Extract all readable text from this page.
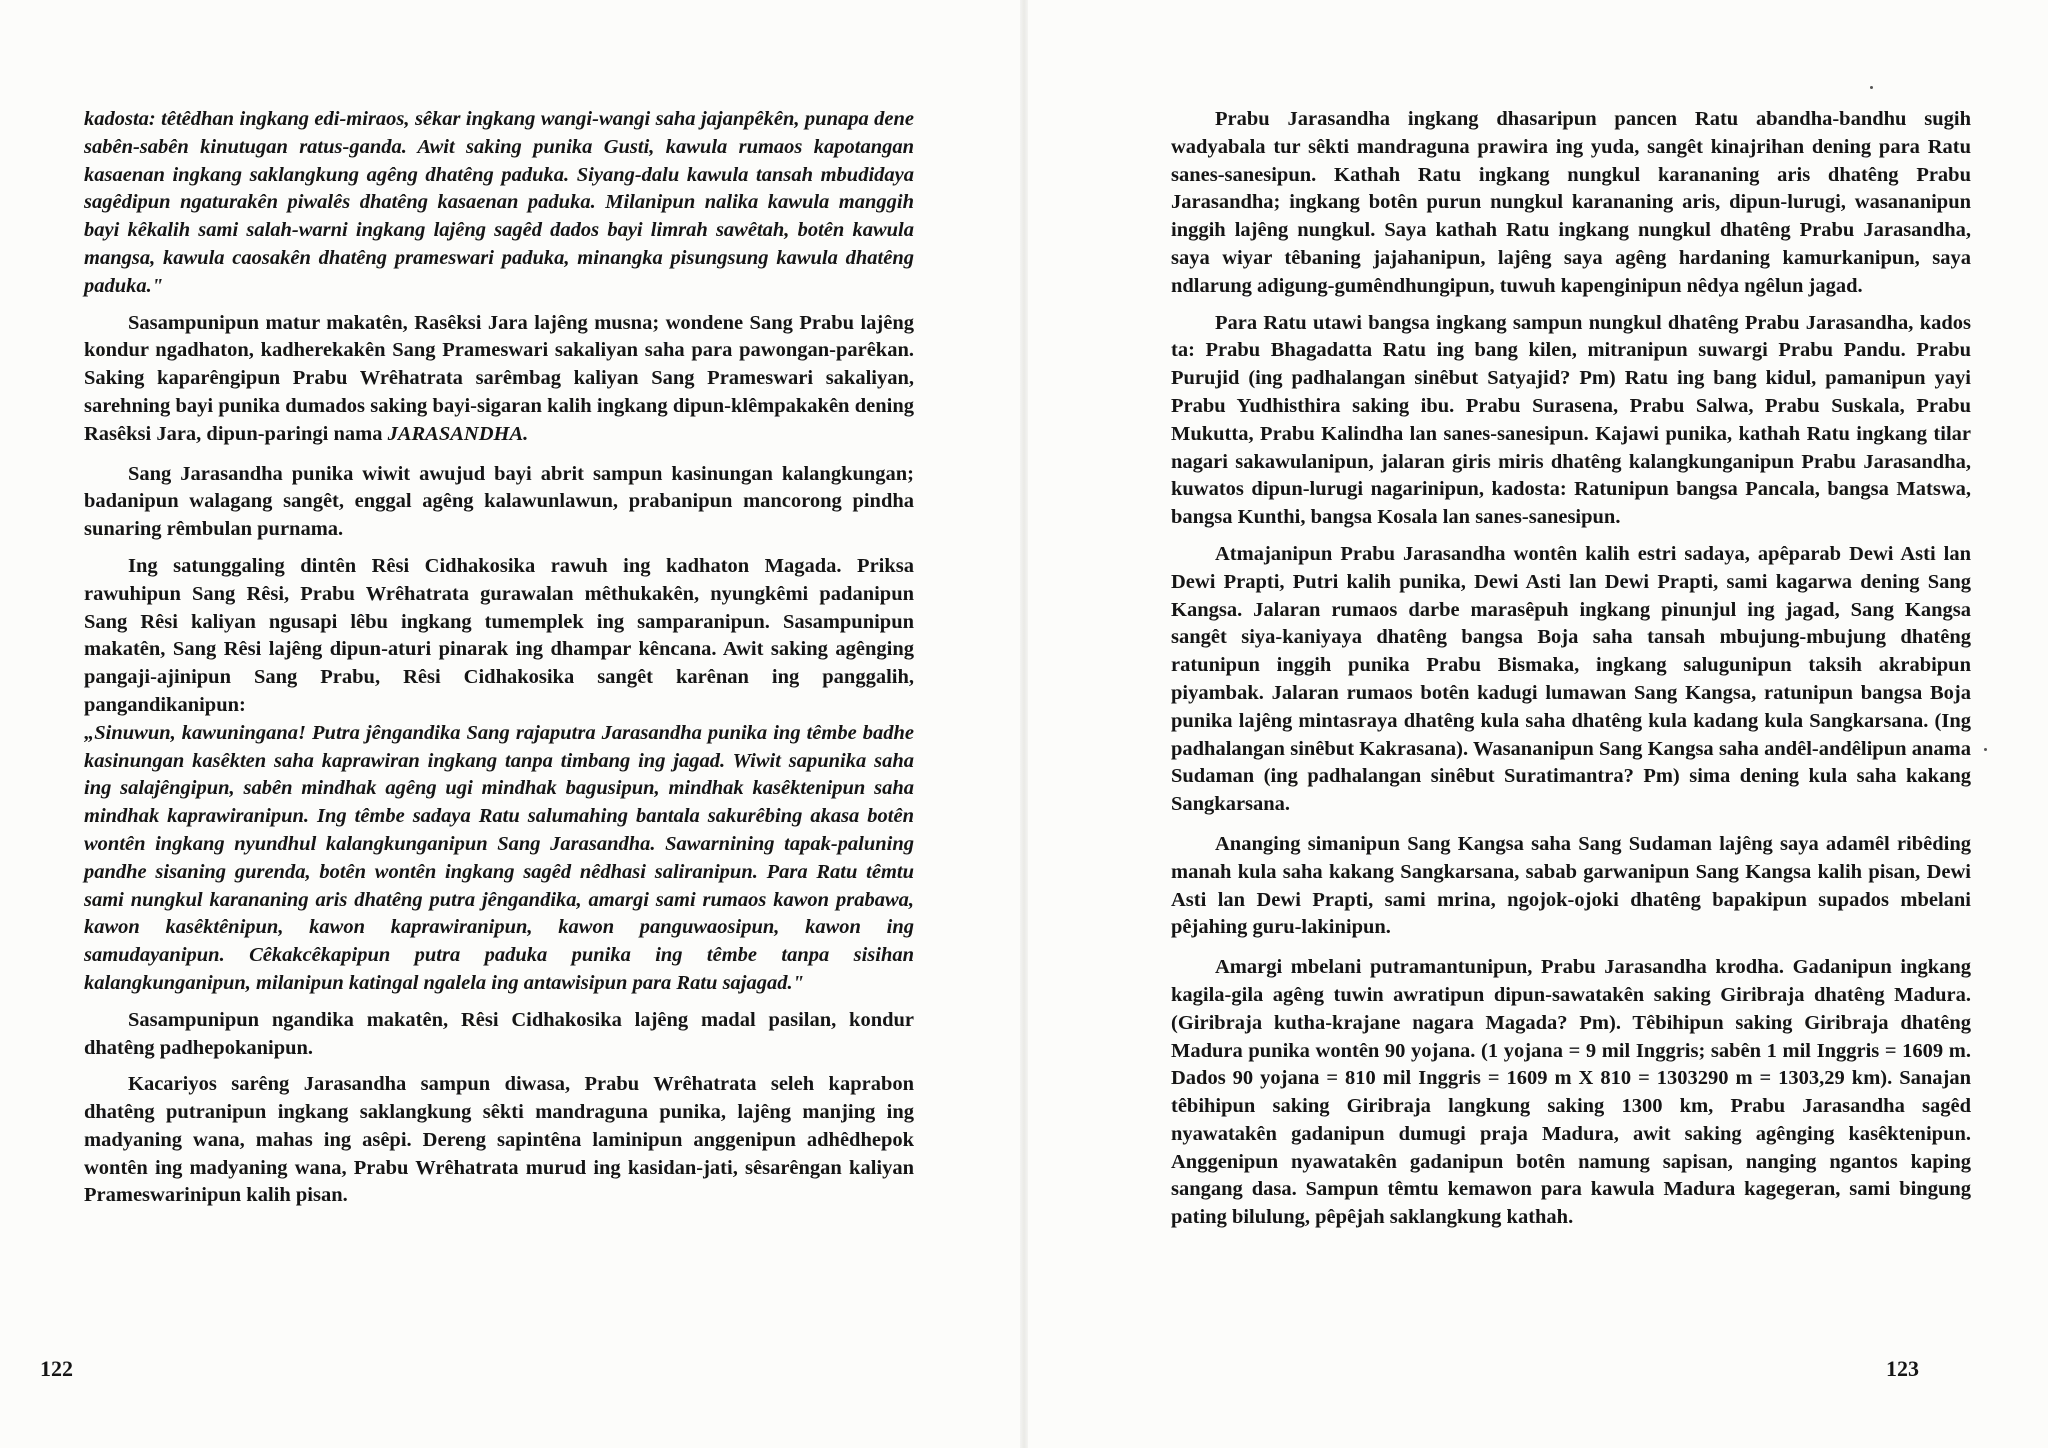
kadosta: têtêdhan ingkang edi-miraos, sêkar ingkang wangi-wangi saha jajanpêkên, punapa dene sabên-sabên kinutugan ratus-ganda. Awit saking punika Gusti, kawula rumaos kapotangan kasaenan ingkang saklangkung agêng dhatêng paduka. Siyang-dalu kawula tansah mbudidaya sagêdipun ngaturakên piwalês dhatêng kasaenan paduka. Milanipun nalika kawula manggih bayi kêkalih sami salah-warni ingkang lajêng sagêd dados bayi limrah sawêtah, botên kawula mangsa, kawula caosakên dhatêng prameswari paduka, minangka pisungsung kawula dhatêng paduka."

Sasampunipun matur makatên, Rasêksi Jara lajêng musna; wondene Sang Prabu lajêng kondur ngadhaton, kadherekakên Sang Prameswari sakaliyan saha para pawongan-parêkan. Saking kaparêngipun Prabu Wrêhatrata sarêmbag kaliyan Sang Prameswari sakaliyan, sarehning bayi punika dumados saking bayi-sigaran kalih ingkang dipun-klêmpakakên dening Rasêksi Jara, dipun-paringi nama JARASANDHA.

Sang Jarasandha punika wiwit awujud bayi abrit sampun kasinungan kalangkungan; badanipun walagang sangêt, enggal agêng kalawunlawun, prabanipun mancorong pindha sunaring rêmbulan purnama.

Ing satunggaling dintên Rêsi Cidhakosika rawuh ing kadhaton Magada. Priksa rawuhipun Sang Rêsi, Prabu Wrêhatrata gurawalan mêthukakên, nyungkêmi padanipun Sang Rêsi kaliyan ngusapi lêbu ingkang tumemplek ing samparanipun. Sasampunipun makatên, Sang Rêsi lajêng dipun-aturi pinarak ing dhampar kêncana. Awit saking agênging pangaji-ajinipun Sang Prabu, Rêsi Cidhakosika sangêt karênan ing panggalih, pangandikanipun:

„Sinuwun, kawuningana! Putra jêngandika Sang rajaputra Jarasandha punika ing têmbe badhe kasinungan kasêkten saha kaprawiran ingkang tanpa timbang ing jagad. Wiwit sapunika saha ing salajêngipun, sabên mindhak agêng ugi mindhak bagusipun, mindhak kasêktenipun saha mindhak kaprawiranipun. Ing têmbe sadaya Ratu salumahing bantala sakurêbing akasa botên wontên ingkang nyundhul kalangkunganipun Sang Jarasandha. Sawarnining tapak-paluning pandhe sisaning gurenda, botên wontên ingkang sagêd nêdhasi saliranipun. Para Ratu têmtu sami nungkul karananing aris dhatêng putra jêngandika, amargi sami rumaos kawon prabawa, kawon kasêktênipun, kawon kaprawiranipun, kawon panguwaosipun, kawon ing samudayanipun. Cêkakcêkapipun putra paduka punika ing têmbe tanpa sisihan kalangkunganipun, milanipun katingal ngalela ing antawisipun para Ratu sajagad."

Sasampunipun ngandika makatên, Rêsi Cidhakosika lajêng madal pasilan, kondur dhatêng padhepokanipun.

Kacariyos sarêng Jarasandha sampun diwasa, Prabu Wrêhatrata seleh kaprabon dhatêng putranipun ingkang saklangkung sêkti mandraguna punika, lajêng manjing ing madyaning wana, mahas ing asêpi. Dereng sapintêna laminipun anggenipun adhêdhepok wontên ing madyaning wana, Prabu Wrêhatrata murud ing kasidan-jati, sêsarêngan kaliyan Prameswarinipun kalih pisan.

122

Prabu Jarasandha ingkang dhasaripun pancen Ratu abandha-bandhu sugih wadyabala tur sêkti mandraguna prawira ing yuda, sangêt kinajrihan dening para Ratu sanes-sanesipun. Kathah Ratu ingkang nungkul karananing aris dhatêng Prabu Jarasandha; ingkang botên purun nungkul karananing aris, dipun-lurugi, wasananipun inggih lajêng nungkul. Saya kathah Ratu ingkang nungkul dhatêng Prabu Jarasandha, saya wiyar têbaning jajahanipun, lajêng saya agêng hardaning kamurkanipun, saya ndlarung adigung-gumêndhungipun, tuwuh kapenginipun nêdya ngêlun jagad.

Para Ratu utawi bangsa ingkang sampun nungkul dhatêng Prabu Jarasandha, kados ta: Prabu Bhagadatta Ratu ing bang kilen, mitranipun suwargi Prabu Pandu. Prabu Purujid (ing padhalangan sinêbut Satyajid? Pm) Ratu ing bang kidul, pamanipun yayi Prabu Yudhisthira saking ibu. Prabu Surasena, Prabu Salwa, Prabu Suskala, Prabu Mukutta, Prabu Kalindha lan sanes-sanesipun. Kajawi punika, kathah Ratu ingkang tilar nagari sakawulanipun, jalaran giris miris dhatêng kalangkunganipun Prabu Jarasandha, kuwatos dipun-lurugi nagarinipun, kadosta: Ratunipun bangsa Pancala, bangsa Matswa, bangsa Kunthi, bangsa Kosala lan sanes-sanesipun.

Atmajanipun Prabu Jarasandha wontên kalih estri sadaya, apêparab Dewi Asti lan Dewi Prapti, Putri kalih punika, Dewi Asti lan Dewi Prapti, sami kagarwa dening Sang Kangsa. Jalaran rumaos darbe marasêpuh ingkang pinunjul ing jagad, Sang Kangsa sangêt siya-kaniyaya dhatêng bangsa Boja saha tansah mbujung-mbujung dhatêng ratunipun inggih punika Prabu Bismaka, ingkang salugunipun taksih akrabipun piyambak. Jalaran rumaos botên kadugi lumawan Sang Kangsa, ratunipun bangsa Boja punika lajêng mintasraya dhatêng kula saha dhatêng kula kadang kula Sangkarsana. (Ing padhalangan sinêbut Kakrasana). Wasananipun Sang Kangsa saha andêl-andêlipun anama Sudaman (ing padhalangan sinêbut Suratimantra? Pm) sima dening kula saha kakang Sangkarsana.

Ananging simanipun Sang Kangsa saha Sang Sudaman lajêng saya adamêl ribêding manah kula saha kakang Sangkarsana, sabab garwanipun Sang Kangsa kalih pisan, Dewi Asti lan Dewi Prapti, sami mrina, ngojok-ojoki dhatêng bapakipun supados mbelani pêjahing guru-lakinipun.

Amargi mbelani putramantunipun, Prabu Jarasandha krodha. Gadanipun ingkang kagila-gila agêng tuwin awratipun dipun-sawatakên saking Giribraja dhatêng Madura. (Giribraja kutha-krajane nagara Magada? Pm). Têbihipun saking Giribraja dhatêng Madura punika wontên 90 yojana. (1 yojana = 9 mil Inggris; sabên 1 mil Inggris = 1609 m. Dados 90 yojana = 810 mil Inggris = 1609 m X 810 = 1303290 m = 1303,29 km). Sanajan têbihipun saking Giribraja langkung saking 1300 km, Prabu Jarasandha sagêd nyawatakên gadanipun dumugi praja Madura, awit saking agênging kasêktenipun. Anggenipun nyawatakên gadanipun botên namung sapisan, nanging ngantos kaping sangang dasa. Sampun têmtu kemawon para kawula Madura kagegeran, sami bingung pating bilulung, pêpêjah saklangkung kathah.

123
